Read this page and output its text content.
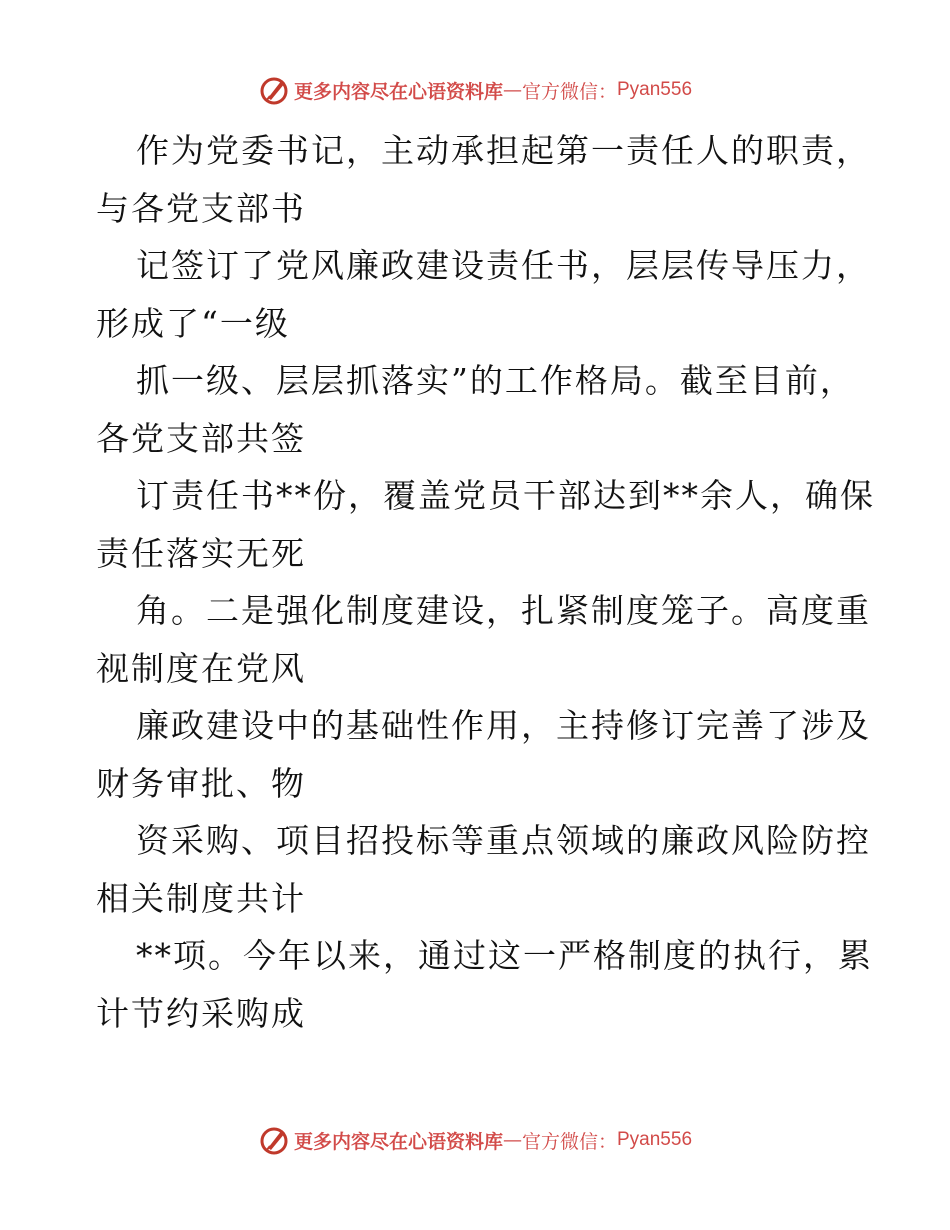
更多内容尽在心语资料库 — 官方微信： Pyan556
作为党委书记，主动承担起第一责任人的职责，
与各党支部书
记签订了党风廉政建设责任书，层层传导压力，
形成了“一级
抓一级、层层抓落实”的工作格局。截至目前，
各党支部共签
订责任书**份，覆盖党员干部达到**余人，确保
责任落实无死
角。二是强化制度建设，扎紧制度笼子。高度重
视制度在党风
廉政建设中的基础性作用，主持修订完善了涉及
财务审批、物
资采购、项目招投标等重点领域的廉政风险防控
相关制度共计
**项。今年以来，通过这一严格制度的执行，累
计节约采购成
更多内容尽在心语资料库 — 官方微信： Pyan556
